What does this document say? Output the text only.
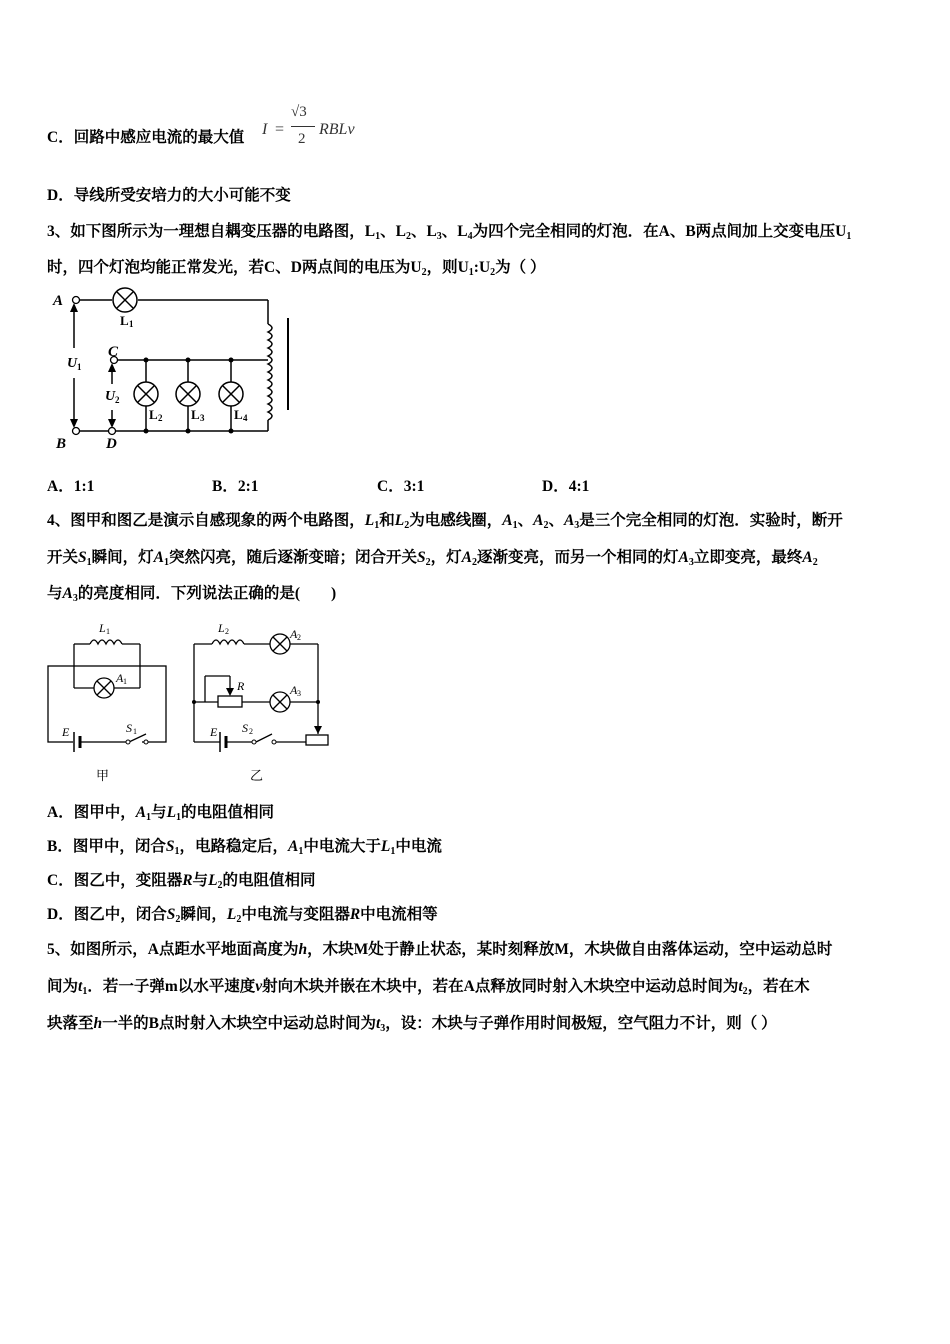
C．回路中感应电流的最大值 I =
√3
2
RBLv
D．导线所受安培力的大小可能不变
3、如下图所示为一理想自耦变压器的电路图，$L_1$、$L_2$、$L_3$、$L_4$为四个完全相同的灯泡．在A、B两点间加上交变电压$U_1$
时，四个灯泡均能正常发光，若C、D两点间的电压为$U_2$，则$U_1:U_2$为（ ）
A
B
C
D
U
U
1
2
L
L	L	L
1
2	3	4
A．1:1	B．2:1	C．3:1	D．4:1
4、图甲和图乙是演示自感现象的两个电路图，$L_1$和$L_2$为电感线圈，$A_1$、$A_2$、$A_3$是三个完全相同的灯泡．实验时，断开
开关$S_1$瞬间，灯$A_1$突然闪亮，随后逐渐变暗；闭合开关$S_2$，灯$A_2$逐渐变亮，而另一个相同的灯$A_3$立即变亮，最终$A_2$
与$A_3$的亮度相同．下列说法正确的是(　　)
L	L
A
A
A
E	E
S	S
R
1	2
1
2
3
1	2
甲	乙
A．图甲中，$A_1$与$L_1$的电阻值相同
B．图甲中，闭合$S_1$，电路稳定后，$A_1$中电流大于$L_1$中电流
C．图乙中，变阻器R与$L_2$的电阻值相同
D．图乙中，闭合$S_2$瞬间，$L_2$中电流与变阻器R中电流相等
5、如图所示，A点距水平地面高度为h，木块M处于静止状态，某时刻释放M，木块做自由落体运动，空中运动总时
间为$t_1$．若一子弹m以水平速度v射向木块并嵌在木块中，若在A点释放同时射入木块空中运动总时间为$t_2$，若在木
块落至h一半的B点时射入木块空中运动总时间为$t_3$，设：木块与子弹作用时间极短，空气阻力不计，则（ ）
